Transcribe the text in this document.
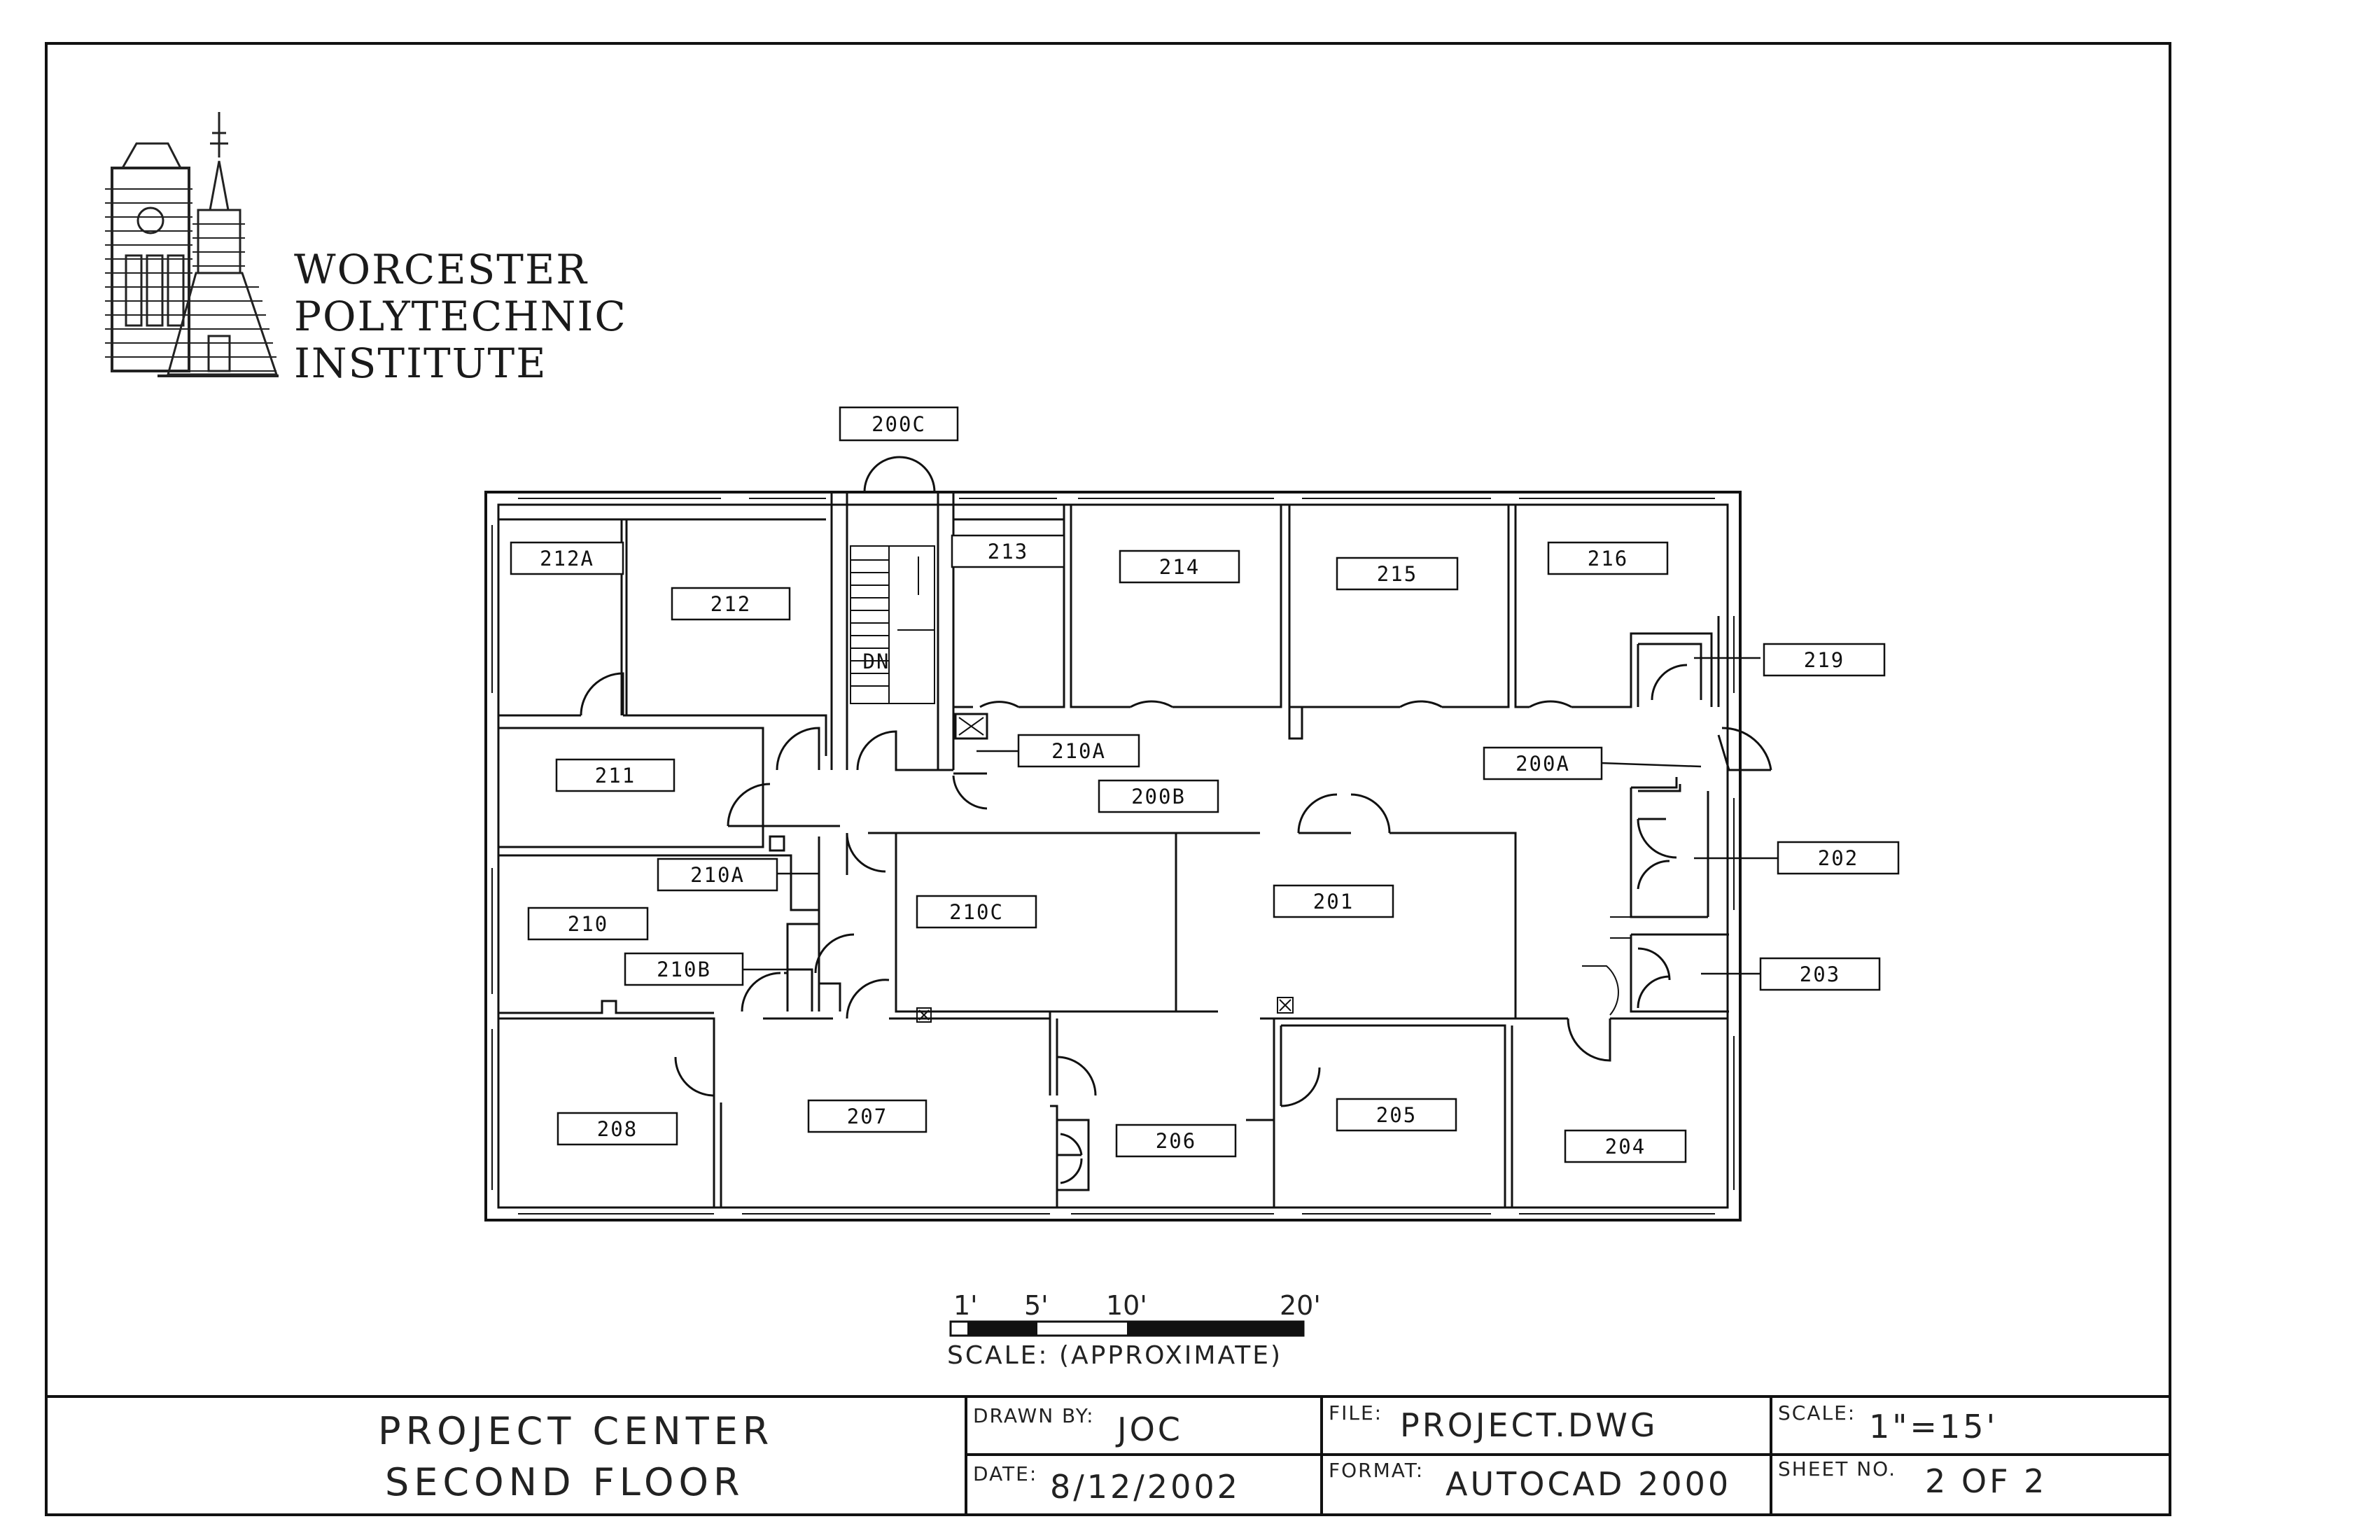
WORCESTER
POLYTECHNIC
INSTITUTE
200C
212A
212
213
214	215
216
219
DN
211
210A
200B
200A
202
210A
210C	201
210
210B	203
208
207
206
205
204
1' 5' 10'	20'
SCALE: (APPROXIMATE)
PROJECT CENTER
SECOND FLOOR
DRAWN BY: JOC
DATE: 8/12/2002
FILE: PROJECT.DWG
FORMAT: AUTOCAD 2000
SCALE: 1"=15'
SHEET NO. 2 OF 2
